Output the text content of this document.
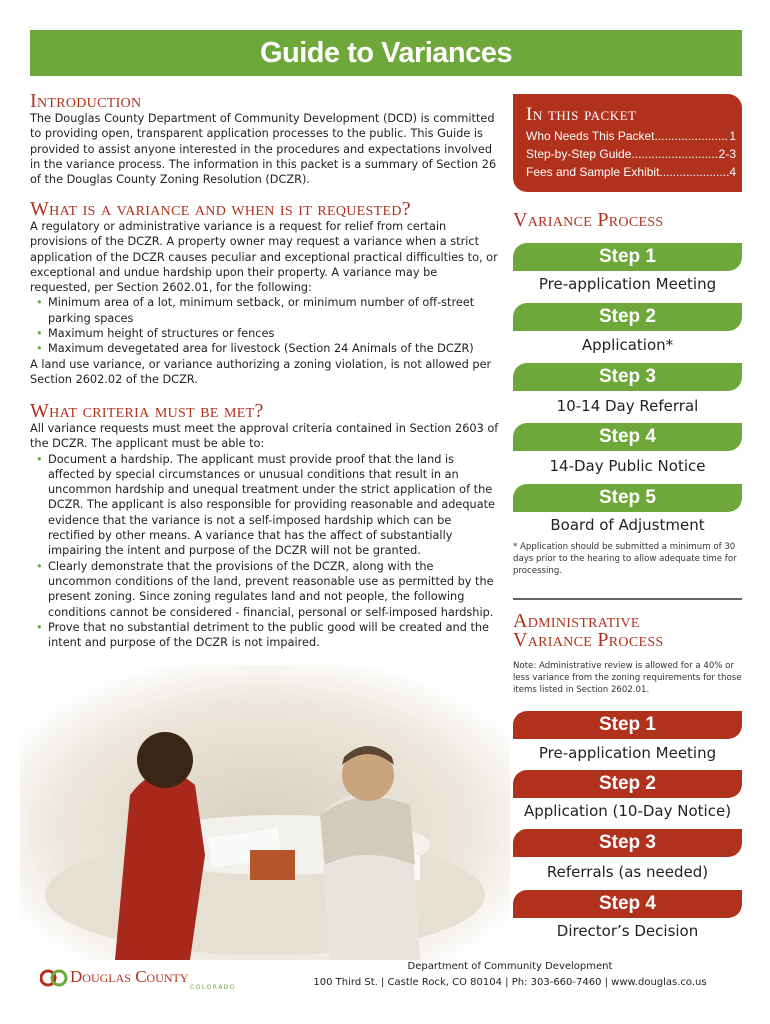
Guide to Variances
Introduction

The Douglas County Department of Community Development (DCD) is committed to providing open, transparent application processes to the public. This Guide is provided to assist anyone interested in the procedures and expectations involved in the variance process. The information in this packet is a summary of Section 26 of the Douglas County Zoning Resolution (DCZR).

What is a variance and when is it requested?

A regulatory or administrative variance is a request for relief from certain provisions of the DCZR. A property owner may request a variance when a strict application of the DCZR causes peculiar and exceptional practical difficulties to, or exceptional and undue hardship upon their property. A variance may be requested, per Section 2602.01, for the following:

• Minimum area of a lot, minimum setback, or minimum number of off-street parking spaces
• Maximum height of structures or fences
• Maximum devegetated area for livestock (Section 24 Animals of the DCZR)

A land use variance, or variance authorizing a zoning violation, is not allowed per Section 2602.02 of the DCZR.

What criteria must be met?

All variance requests must meet the approval criteria contained in Section 2603 of the DCZR. The applicant must be able to:

• Document a hardship. The applicant must provide proof that the land is affected by special circumstances or unusual conditions that result in an uncommon hardship and unequal treatment under the strict application of the DCZR. The applicant is also responsible for providing reasonable and adequate evidence that the variance is not a self-imposed hardship which can be rectified by other means. A variance that has the affect of substantially impairing the intent and purpose of the DCZR will not be granted.
• Clearly demonstrate that the provisions of the DCZR, along with the uncommon conditions of the land, prevent reasonable use as permitted by the present zoning. Since zoning regulates land and not people, the following conditions cannot be considered - financial, personal or self-imposed hardship.
• Prove that no substantial detriment to the public good will be created and the intent and purpose of the DCZR is not impaired.
In this packet
Who Needs This Packet .....	1
Step-by-Step Guide .....	2-3
Fees and Sample Exhibit .....	4
Variance Process
Step 1
Pre-application Meeting
Step 2
Application*
Step 3
10-14 Day Referral
Step 4
14-Day Public Notice
Step 5
Board of Adjustment

* Application should be submitted a minimum of 30 days prior to the hearing to allow adequate time for processing.

Administrative
Variance Process

Note: Administrative review is allowed for a 40% or less variance from the zoning requirements for those items listed in Section 2602.01.

Step 1
Pre-application Meeting
Step 2
Application (10-Day Notice)
Step 3
Referrals (as needed)
Step 4
Director’s Decision
Douglas County
COLORADO
Department of Community Development
100 Third St. | Castle Rock, CO 80104 | Ph: 303-660-7460 | www.douglas.co.us
